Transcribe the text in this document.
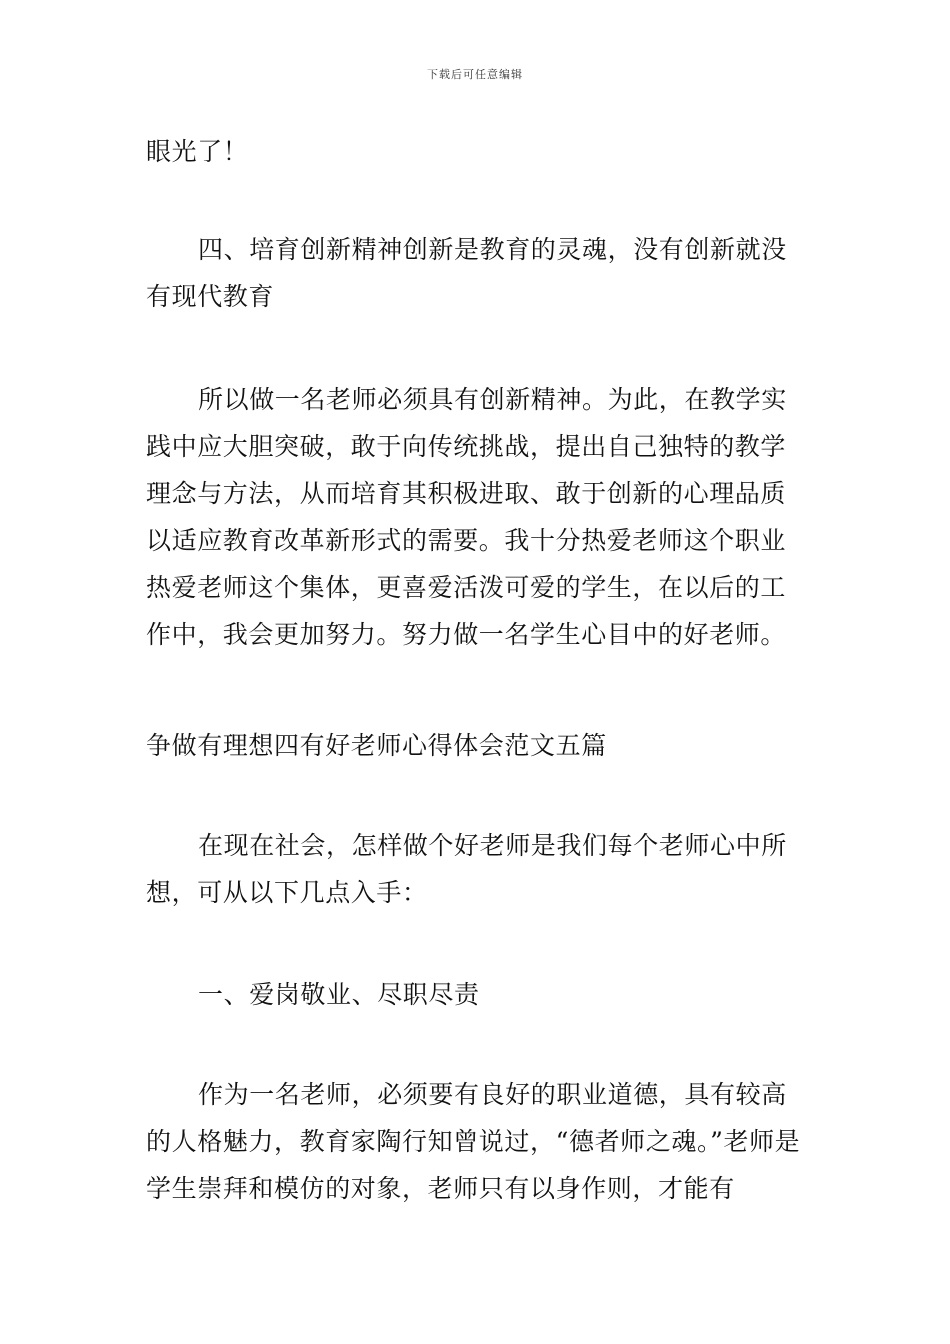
下载后可任意编辑

眼光了！

四、培育创新精神创新是教育的灵魂，没有创新就没有现代教育

所以做一名老师必须具有创新精神。为此，在教学实践中应大胆突破，敢于向传统挑战，提出自己独特的教学理念与方法，从而培育其积极进取、敢于创新的心理品质以适应教育改革新形式的需要。我十分热爱老师这个职业热爱老师这个集体，更喜爱活泼可爱的学生，在以后的工作中，我会更加努力。努力做一名学生心目中的好老师。

争做有理想四有好老师心得体会范文五篇

在现在社会，怎样做个好老师是我们每个老师心中所想，可从以下几点入手：

一、爱岗敬业、尽职尽责

作为一名老师，必须要有良好的职业道德，具有较高的人格魅力，教育家陶行知曾说过，“德者师之魂。”老师是学生崇拜和模仿的对象，老师只有以身作则，才能有
